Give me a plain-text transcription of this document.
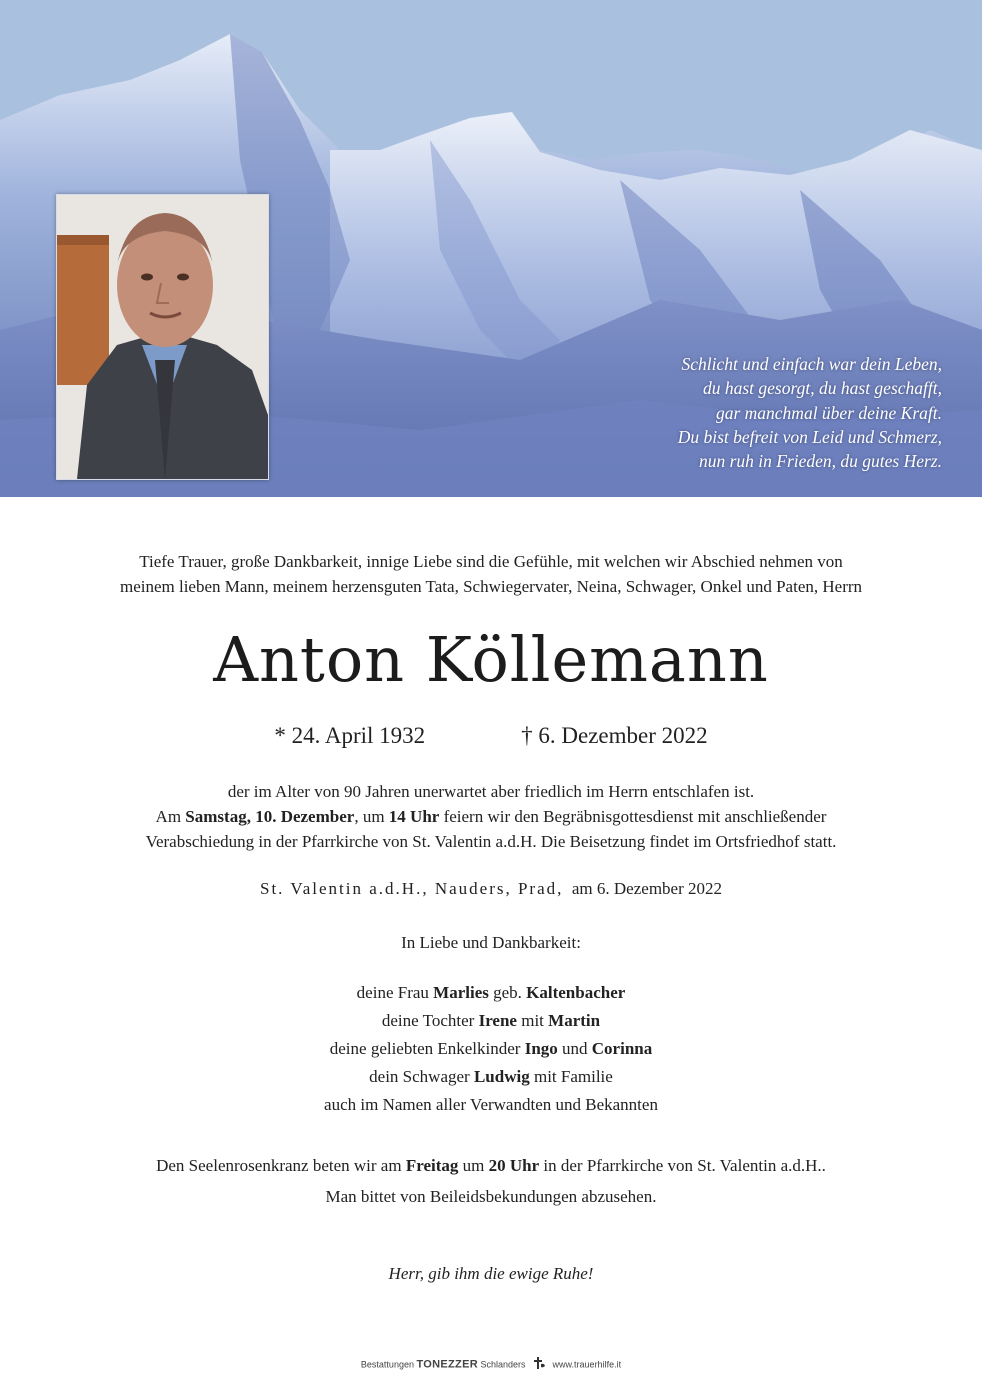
Schlicht und einfach war dein Leben,
du hast gesorgt, du hast geschafft,
gar manchmal über deine Kraft.
Du bist befreit von Leid und Schmerz,
nun ruh in Frieden, du gutes Herz.
Tiefe Trauer, große Dankbarkeit, innige Liebe sind die Gefühle, mit welchen wir Abschied nehmen von
meinem lieben Mann, meinem herzensguten Tata, Schwiegervater, Neina, Schwager, Onkel und Paten, Herrn
Anton Köllemann
* 24. April 1932	† 6. Dezember 2022
der im Alter von 90 Jahren unerwartet aber friedlich im Herrn entschlafen ist.
Am Samstag, 10. Dezember, um 14 Uhr feiern wir den Begräbnisgottesdienst mit anschließender
Verabschiedung in der Pfarrkirche von St. Valentin a.d.H. Die Beisetzung findet im Ortsfriedhof statt.
St. Valentin a.d.H., Nauders, Prad, am 6. Dezember 2022
In Liebe und Dankbarkeit:
deine Frau Marlies geb. Kaltenbacher
deine Tochter Irene mit Martin
deine geliebten Enkelkinder Ingo und Corinna
dein Schwager Ludwig mit Familie
auch im Namen aller Verwandten und Bekannten
Den Seelenrosenkranz beten wir am Freitag um 20 Uhr in der Pfarrkirche von St. Valentin a.d.H..
Man bittet von Beileidsbekundungen abzusehen.
Herr, gib ihm die ewige Ruhe!
Bestattungen TONEZZER Schlanders	www.trauerhilfe.it
